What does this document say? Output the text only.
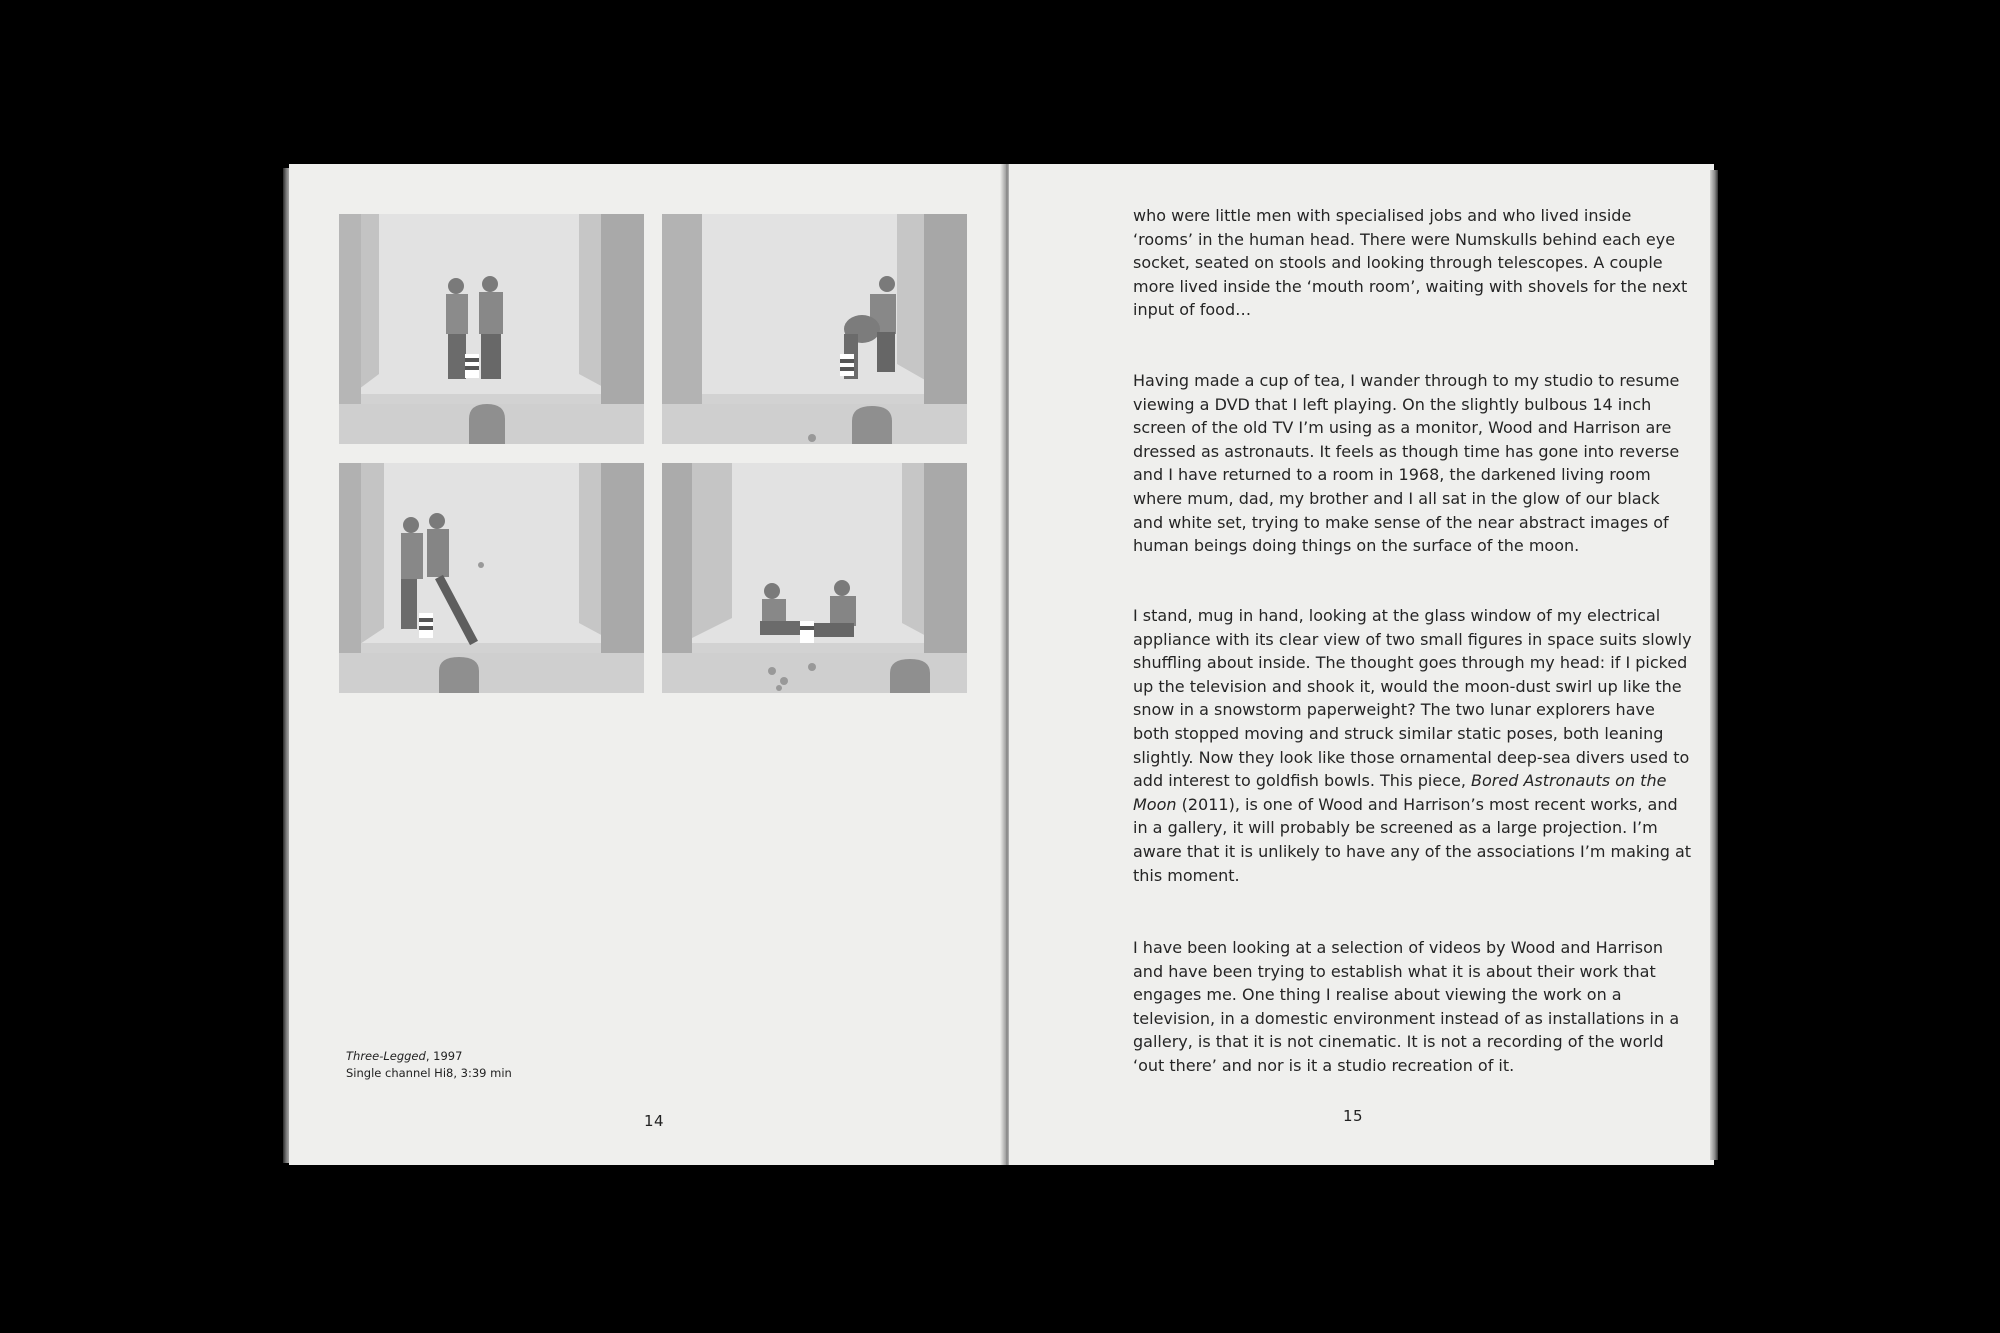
Three-Legged, 1997
Single channel Hi8, 3:39 min
14

who were little men with specialised jobs and who lived inside ‘rooms’ in the human head. There were Numskulls behind each eye socket, seated on stools and looking through telescopes. A couple more lived inside the ‘mouth room’, waiting with shovels for the next input of food…

Having made a cup of tea, I wander through to my studio to resume viewing a DVD that I left playing. On the slightly bulbous 14 inch screen of the old TV I’m using as a monitor, Wood and Harrison are dressed as astronauts. It feels as though time has gone into reverse and I have returned to a room in 1968, the darkened living room where mum, dad, my brother and I all sat in the glow of our black and white set, trying to make sense of the near abstract images of human beings doing things on the surface of the moon.

I stand, mug in hand, looking at the glass window of my electrical appliance with its clear view of two small figures in space suits slowly shuffling about inside. The thought goes through my head: if I picked up the television and shook it, would the moon-dust swirl up like the snow in a snowstorm paperweight? The two lunar explorers have both stopped moving and struck similar static poses, both leaning slightly. Now they look like those ornamental deep-sea divers used to add interest to goldfish bowls. This piece, Bored Astronauts on the Moon (2011), is one of Wood and Harrison’s most recent works, and in a gallery, it will probably be screened as a large projection. I’m aware that it is unlikely to have any of the associations I’m making at this moment.

I have been looking at a selection of videos by Wood and Harrison and have been trying to establish what it is about their work that engages me. One thing I realise about viewing the work on a television, in a domestic environment instead of as installations in a gallery, is that it is not cinematic. It is not a recording of the world ‘out there’ and nor is it a studio recreation of it.

15
